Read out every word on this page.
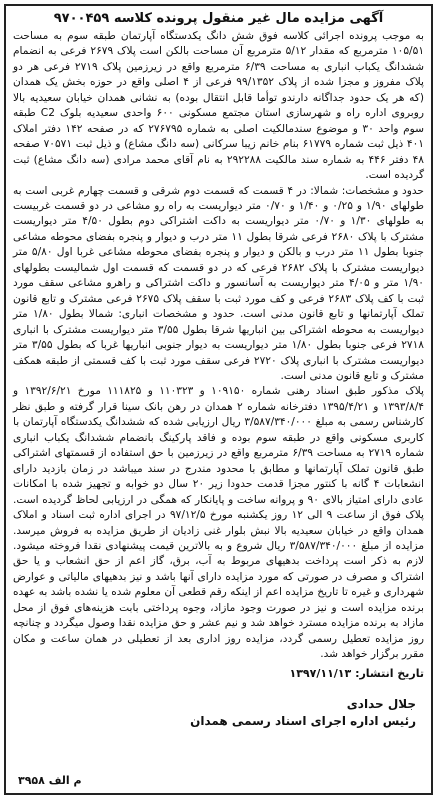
آگهی مزایده مال غیر منقول پرونده کلاسه ۹۷۰۰۴۵۹

به موجب پرونده اجرائی کلاسه فوق شش دانگ یکدستگاه آپارتمان طبقه سوم به مساحت ۱۰۵/۵۱ مترمربع که مقدار ۵/۱۲ مترمربع آن مساحت بالکن است پلاک ۲۶۷۹ فرعی به انضمام ششدانگ یکباب انباری به مساحت ۶/۳۹ مترمربع واقع در زیرزمین پلاک ۲۷۱۹ فرعی هر دو پلاک مفروز و مجزا شده از پلاک ۹۹/۱۳۵۲ فرعی از ۴ اصلی واقع در حوزه بخش یک همدان (که هر یک حدود جداگانه دارندو توأما قابل انتقال بوده) به نشانی همدان خیابان سعیدیه بالا روبروی اداره راه و شهرسازی استان مجتمع مسکونی ۶۰۰ واحدی سعیدیه بلوک C2 طبقه سوم واحد ۳۰ و موضوع سندمالکیت اصلی به شماره ۲۷۶۷۹۵ که در صفحه ۱۴۲ دفتر املاک ۴۰۱ ذیل ثبت شماره ۶۱۷۷۹ بنام خانم زیبا سرکانی (سه دانگ مشاع) و ذیل ثبت ۷۰۵۷۱ صفحه ۴۸ دفتر ۴۴۶ به شماره سند مالکیت ۲۹۲۲۸۸ به نام آقای محمد مرادی (سه دانگ مشاع) ثبت گردیده است.

حدود و مشخصات: شمالا: در ۴ قسمت که قسمت دوم شرقی و قسمت چهارم غربی است به طولهای ۱/۹۰ و ۰/۲۵ و ۱/۴۰ و ۰/۷۰ متر دیواریست به راه رو مشاعی در دو قسمت غربیست به طولهای ۱/۳۰ و ۰/۷۰ متر دیواریست به داکت اشتراکی دوم بطول ۴/۵۰ متر دیواریست مشترک با پلاک ۲۶۸۰ فرعی شرقا بطول ۱۱ متر درب و دیوار و پنجره بفضای محوطه مشاعی جنوبا بطول ۱۱ متر درب و بالکن و دیوار و پنجره بفضای محوطه مشاعی غربا اول ۵/۸۰ متر دیواریست مشترک با پلاک ۲۶۸۲ فرعی که در دو قسمت که قسمت اول شمالیست بطولهای ۱/۹۰ متر و ۴/۰۵ متر دیواریست به آسانسور و داکت اشتراکی و راهرو مشاعی سقف مورد ثبت با کف پلاک ۲۶۸۳ فرعی و کف مورد ثبت با سقف پلاک ۲۶۷۵ فرعی مشترک و تابع قانون تملک آپارتمانها و تابع قانون مدنی است. حدود و مشخصات انباری: شمالا بطول ۱/۸۰ متر دیواریست به محوطه اشتراکی بین انباریها شرقا بطول ۳/۵۵ متر دیواریست مشترک با انباری ۲۷۱۸ فرعی جنوبا بطول ۱/۸۰ متر دیواریست به دیوار جنوبی انباریها غربا که بطول ۳/۵۵ متر دیواریست مشترک با انباری پلاک ۲۷۲۰ فرعی سقف مورد ثبت با کف قسمتی از طبقه همکف مشترک و تابع قانون مدنی است.

پلاک مذکور طبق اسناد رهنی شماره ۱۰۹۱۵۰ و ۱۱۰۳۲۳ و ۱۱۱۸۲۵ مورخ ۱۳۹۲/۶/۲۱ و ۱۳۹۳/۸/۴ و ۱۳۹۵/۴/۲۱ دفترخانه شماره ۲ همدان در رهن بانک سینا قرار گرفته و طبق نظر کارشناس رسمی به مبلغ ۳/۵۸۷/۳۴۰/۰۰۰ ریال ارزیابی شده که ششدانگ یکدستگاه آپارتمان با کاربری مسکونی واقع در طبقه سوم بوده و فاقد پارکینگ بانضمام ششدانگ یکباب انباری شماره ۲۷۱۹ به مساحت ۶/۳۹ مترمربع واقع در زیرزمین با حق استفاده از قسمتهای اشتراکی طبق قانون تملک آپارتمانها و مطابق با محدود مندرج در سند میباشد در زمان بازدید دارای انشعابات ۴ گانه با کنتور مجزا قدمت حدودا زیر ۲۰ سال دو خوابه و تجهیز شده با امکانات عادی دارای امتیاز بالای ۹۰ و پروانه ساخت و پایانکار که همگی در ارزیابی لحاظ گردیده است. پلاک فوق از ساعت ۹ الی ۱۲ روز یکشنبه مورخ ۹۷/۱۲/۵ در اجرای اداره ثبت اسناد و املاک همدان واقع در خیابان سعیدیه بالا نبش بلوار غنی زادیان از طریق مزایده به فروش میرسد. مزایده از مبلغ ۳/۵۸۷/۳۴۰/۰۰۰ ریال شروع و به بالاترین قیمت پیشنهادی نقدا فروخته میشود. لازم به ذکر است پرداخت بدهیهای مربوط به آب، برق، گاز اعم از حق انشعاب و یا حق اشتراک و مصرف در صورتی که مورد مزایده دارای آنها باشد و نیز بدهیهای مالیاتی و عوارض شهرداری و غیره تا تاریخ مزایده اعم از اینکه رقم قطعی آن معلوم شده یا نشده باشد به عهده برنده مزایده است و نیز در صورت وجود مازاد، وجوه پرداختی بابت هزینه‌های فوق از محل مازاد به برنده مزایده مسترد خواهد شد و نیم عشر و حق مزایده نقدا وصول میگردد و چنانچه روز مزایده تعطیل رسمی گردد، مزایده روز اداری بعد از تعطیلی در همان ساعت و مکان مقرر برگزار خواهد شد.

تاریخ انتشار: ۱۳۹۷/۱۱/۱۳
جلال حدادی
رئیس اداره اجرای اسناد رسمی همدان
م الف ۳۹۵۸
